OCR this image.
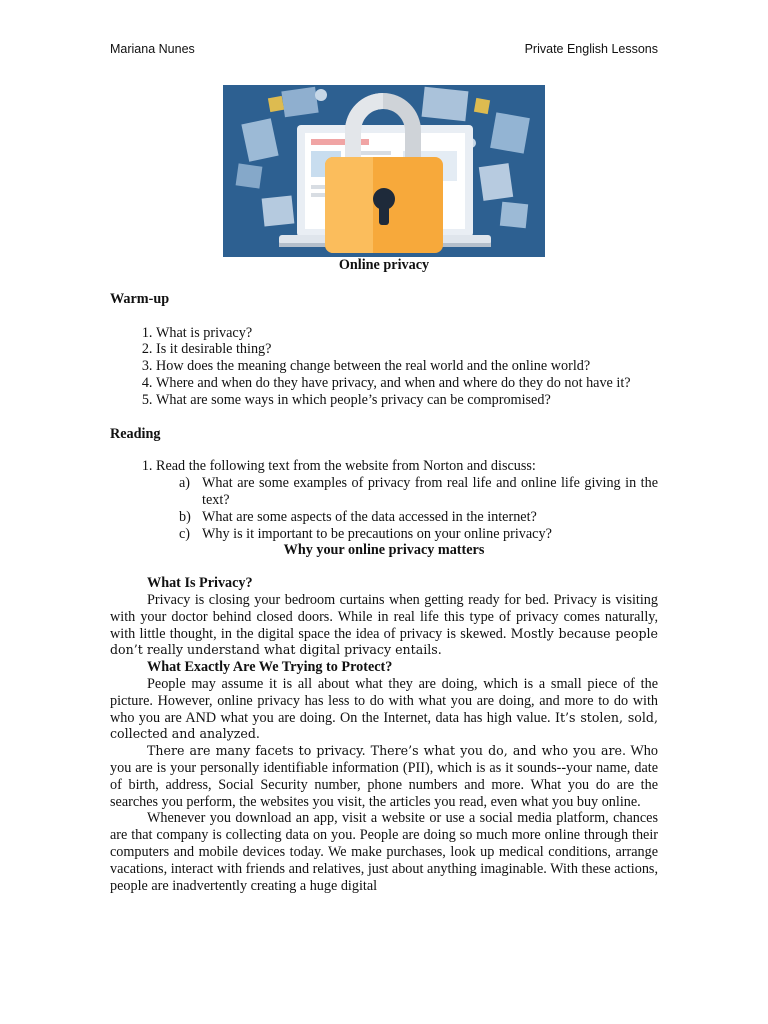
Mariana Nunes	Private English Lessons

Online privacy

Warm-up

1. What is privacy?
2. Is it desirable thing?
3. How does the meaning change between the real world and the online world?
4. Where and when do they have privacy, and when and where do they do not have it?
5. What are some ways in which people’s privacy can be compromised?

Reading

1. Read the following text from the website from Norton and discuss:
a) What are some examples of privacy from real life and online life giving in the text?
b) What are some aspects of the data accessed in the internet?
c) Why is it important to be precautions on your online privacy?

Why your online privacy matters

What Is Privacy?

Privacy is closing your bedroom curtains when getting ready for bed. Privacy is visiting with your doctor behind closed doors. While in real life this type of privacy comes naturally, with little thought, in the digital space the idea of privacy is skewed. Mostly because people don’t really understand what digital privacy entails.

What Exactly Are We Trying to Protect?

People may assume it is all about what they are doing, which is a small piece of the picture. However, online privacy has less to do with what you are doing, and more to do with who you are AND what you are doing. On the Internet, data has high value. It’s stolen, sold, collected and analyzed.

There are many facets to privacy. There’s what you do, and who you are. Who you are is your personally identifiable information (PII), which is as it sounds--your name, date of birth, address, Social Security number, phone numbers and more. What you do are the searches you perform, the websites you visit, the articles you read, even what you buy online.

Whenever you download an app, visit a website or use a social media platform, chances are that company is collecting data on you. People are doing so much more online through their computers and mobile devices today. We make purchases, look up medical conditions, arrange vacations, interact with friends and relatives, just about anything imaginable. With these actions, people are inadvertently creating a huge digital
